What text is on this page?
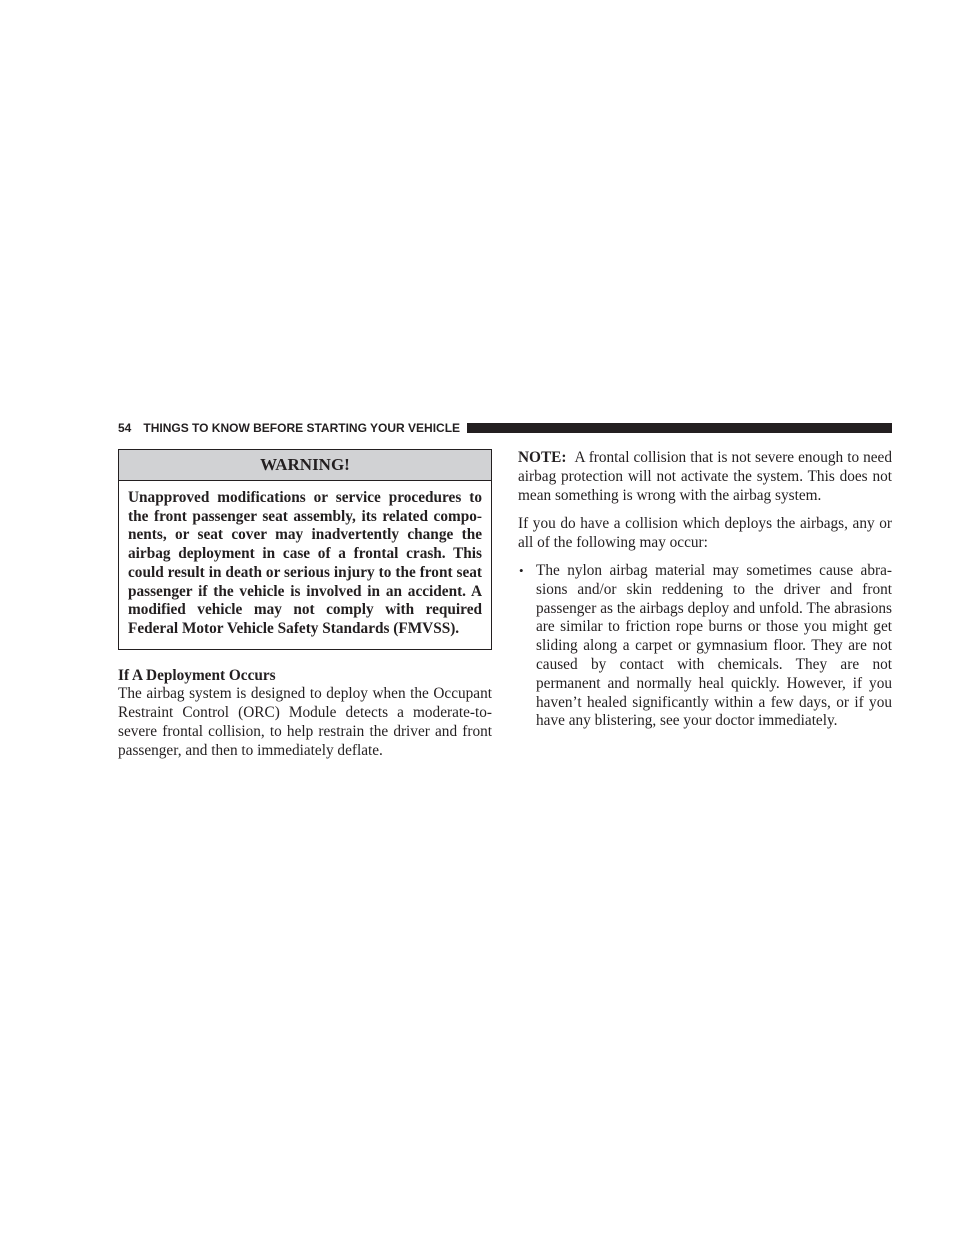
54 THINGS TO KNOW BEFORE STARTING YOUR VEHICLE
WARNING!
Unapproved modifications or service procedures to the front passenger seat assembly, its related components, or seat cover may inadvertently change the airbag deployment in case of a frontal crash. This could result in death or serious injury to the front seat passenger if the vehicle is involved in an accident. A modified vehicle may not comply with required Federal Motor Vehicle Safety Standards (FMVSS).
If A Deployment Occurs

The airbag system is designed to deploy when the Occupant Restraint Control (ORC) Module detects a moderate-to-severe frontal collision, to help restrain the driver and front passenger, and then to immediately deflate.

NOTE: A frontal collision that is not severe enough to need airbag protection will not activate the system. This does not mean something is wrong with the airbag system.

If you do have a collision which deploys the airbags, any or all of the following may occur:

• The nylon airbag material may sometimes cause abrasions and/or skin reddening to the driver and front passenger as the airbags deploy and unfold. The abrasions are similar to friction rope burns or those you might get sliding along a carpet or gymnasium floor. They are not caused by contact with chemicals. They are not permanent and normally heal quickly. However, if you haven’t healed significantly within a few days, or if you have any blistering, see your doctor immediately.
